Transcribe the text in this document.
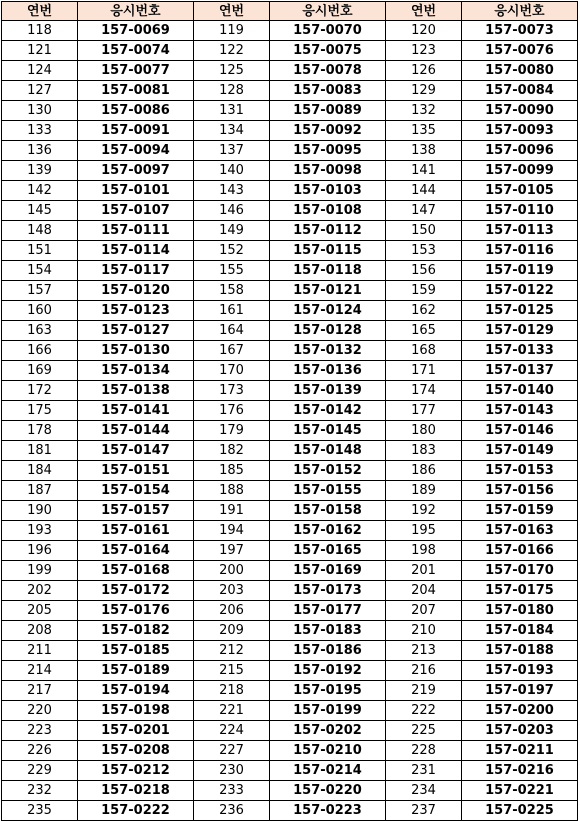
연번	응시번호	연번	응시번호	연번	응시번호
118	157-0069	119	157-0070	120	157-0073
121	157-0074	122	157-0075	123	157-0076
124	157-0077	125	157-0078	126	157-0080
127	157-0081	128	157-0083	129	157-0084
130	157-0086	131	157-0089	132	157-0090
133	157-0091	134	157-0092	135	157-0093
136	157-0094	137	157-0095	138	157-0096
139	157-0097	140	157-0098	141	157-0099
142	157-0101	143	157-0103	144	157-0105
145	157-0107	146	157-0108	147	157-0110
148	157-0111	149	157-0112	150	157-0113
151	157-0114	152	157-0115	153	157-0116
154	157-0117	155	157-0118	156	157-0119
157	157-0120	158	157-0121	159	157-0122
160	157-0123	161	157-0124	162	157-0125
163	157-0127	164	157-0128	165	157-0129
166	157-0130	167	157-0132	168	157-0133
169	157-0134	170	157-0136	171	157-0137
172	157-0138	173	157-0139	174	157-0140
175	157-0141	176	157-0142	177	157-0143
178	157-0144	179	157-0145	180	157-0146
181	157-0147	182	157-0148	183	157-0149
184	157-0151	185	157-0152	186	157-0153
187	157-0154	188	157-0155	189	157-0156
190	157-0157	191	157-0158	192	157-0159
193	157-0161	194	157-0162	195	157-0163
196	157-0164	197	157-0165	198	157-0166
199	157-0168	200	157-0169	201	157-0170
202	157-0172	203	157-0173	204	157-0175
205	157-0176	206	157-0177	207	157-0180
208	157-0182	209	157-0183	210	157-0184
211	157-0185	212	157-0186	213	157-0188
214	157-0189	215	157-0192	216	157-0193
217	157-0194	218	157-0195	219	157-0197
220	157-0198	221	157-0199	222	157-0200
223	157-0201	224	157-0202	225	157-0203
226	157-0208	227	157-0210	228	157-0211
229	157-0212	230	157-0214	231	157-0216
232	157-0218	233	157-0220	234	157-0221
235	157-0222	236	157-0223	237	157-0225
